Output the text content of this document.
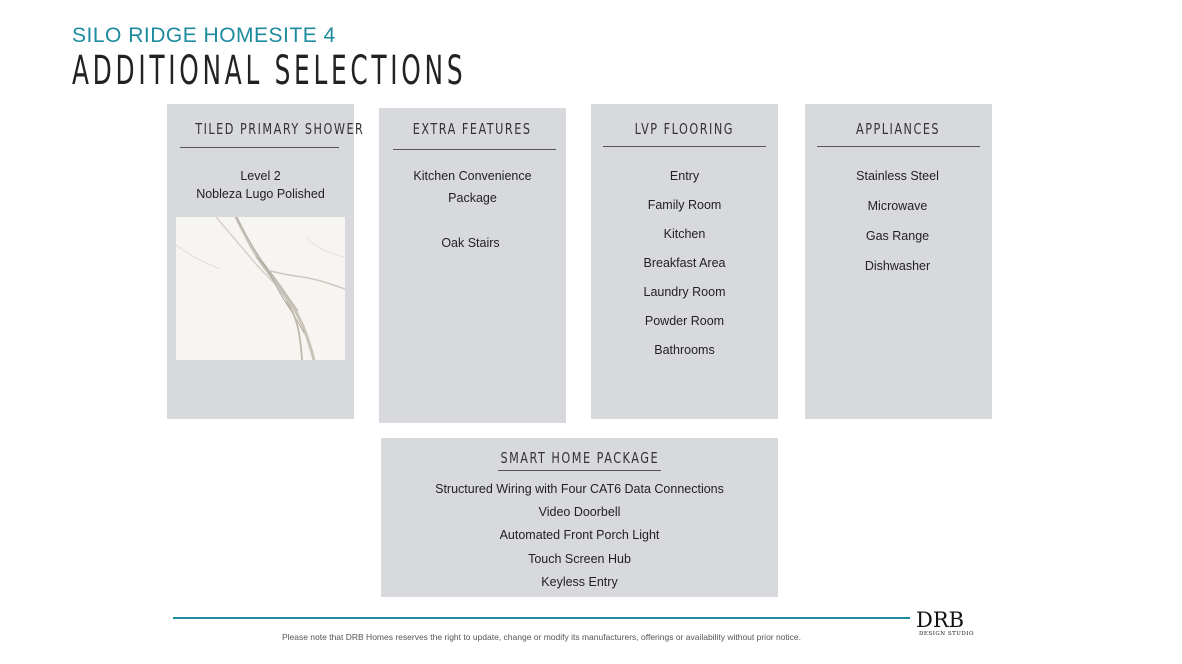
SILO RIDGE HOMESITE 4
ADDITIONAL SELECTIONS
TILED PRIMARY SHOWER
Level 2
Nobleza Lugo Polished
EXTRA FEATURES
Kitchen Convenience
Package
Oak Stairs
LVP FLOORING
Entry
Family Room
Kitchen
Breakfast Area
Laundry Room
Powder Room
Bathrooms
APPLIANCES
Stainless Steel
Microwave
Gas Range
Dishwasher
SMART HOME PACKAGE
Structured Wiring with Four CAT6 Data Connections
Video Doorbell
Automated Front Porch Light
Touch Screen Hub
Keyless Entry
Please note that DRB Homes reserves the right to update, change or modify its manufacturers, offerings or availability without prior notice.
DRB
DESIGN STUDIO
